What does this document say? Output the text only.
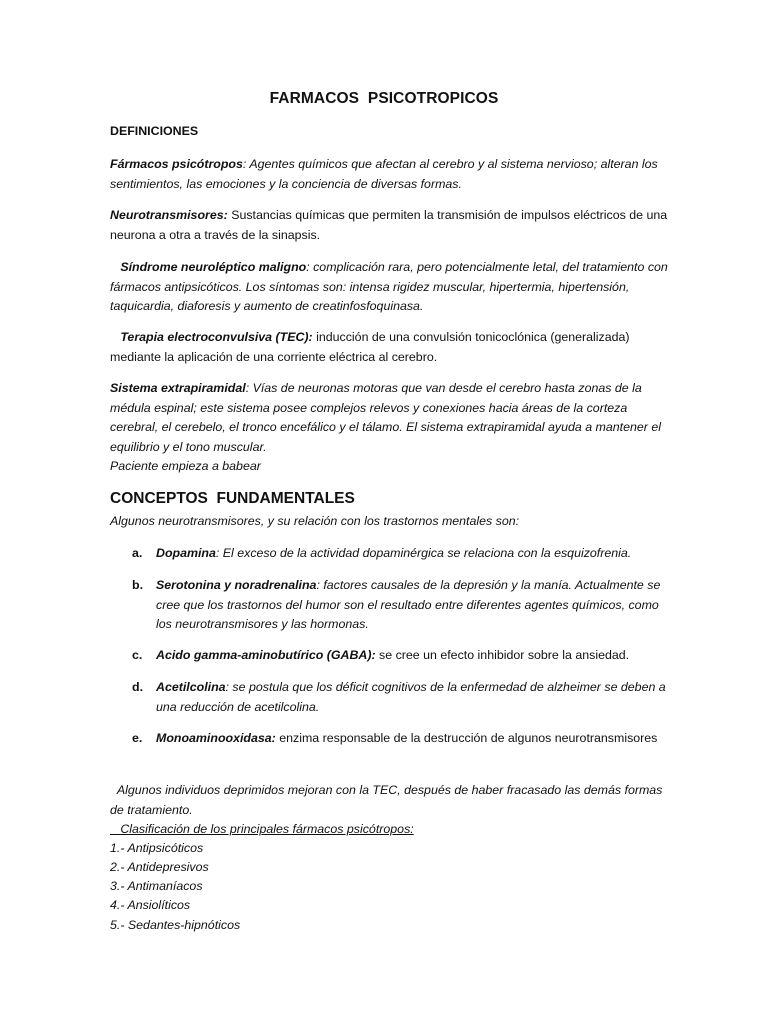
FARMACOS  PSICOTROPICOS
DEFINICIONES
Fármacos psicótropos: Agentes químicos que afectan al cerebro y al sistema nervioso; alteran los sentimientos, las emociones y la conciencia de diversas formas.
Neurotransmisores: Sustancias químicas que permiten la transmisión de impulsos eléctricos de una neurona a otra a través de la sinapsis.
Síndrome neuroléptico maligno: complicación rara, pero potencialmente letal, del tratamiento con fármacos antipsicóticos. Los síntomas son: intensa rigidez muscular, hipertermia, hipertensión, taquicardia, diaforesis y aumento de creatinfosfoquinasa.
Terapia electroconvulsiva (TEC): inducción de una convulsión tonicoclónica (generalizada) mediante la aplicación de una corriente eléctrica al cerebro.
Sistema extrapiramidal: Vías de neuronas motoras que van desde el cerebro hasta zonas de la médula espinal; este sistema posee complejos relevos y conexiones hacia áreas de la corteza cerebral, el cerebelo, el tronco encefálico y el tálamo. El sistema extrapiramidal ayuda a mantener el equilibrio y el tono muscular.
Paciente empieza a babear
CONCEPTOS  FUNDAMENTALES
Algunos neurotransmisores, y su relación con los trastornos mentales son:
a. Dopamina: El exceso de la actividad dopaminérgica se relaciona con la esquizofrenia.
b. Serotonina y noradrenalina: factores causales de la depresión y la manía. Actualmente se cree que los trastornos del humor son el resultado entre diferentes agentes químicos, como los neurotransmisores y las hormonas.
c. Acido gamma-aminobutírico (GABA): se cree un efecto inhibidor sobre la ansiedad.
d. Acetilcolina: se postula que los déficit cognitivos de la enfermedad de alzheimer se deben a una reducción de acetilcolina.
e. Monoaminooxidasa: enzima responsable de la destrucción de algunos neurotransmisores
Algunos individuos deprimidos mejoran con la TEC, después de haber fracasado las demás formas de tratamiento.
Clasificación de los principales fármacos psicótropos:
1.- Antipsicóticos
2.- Antidepresivos
3.- Antimaníacos
4.- Ansiolíticos
5.- Sedantes-hipnóticos
